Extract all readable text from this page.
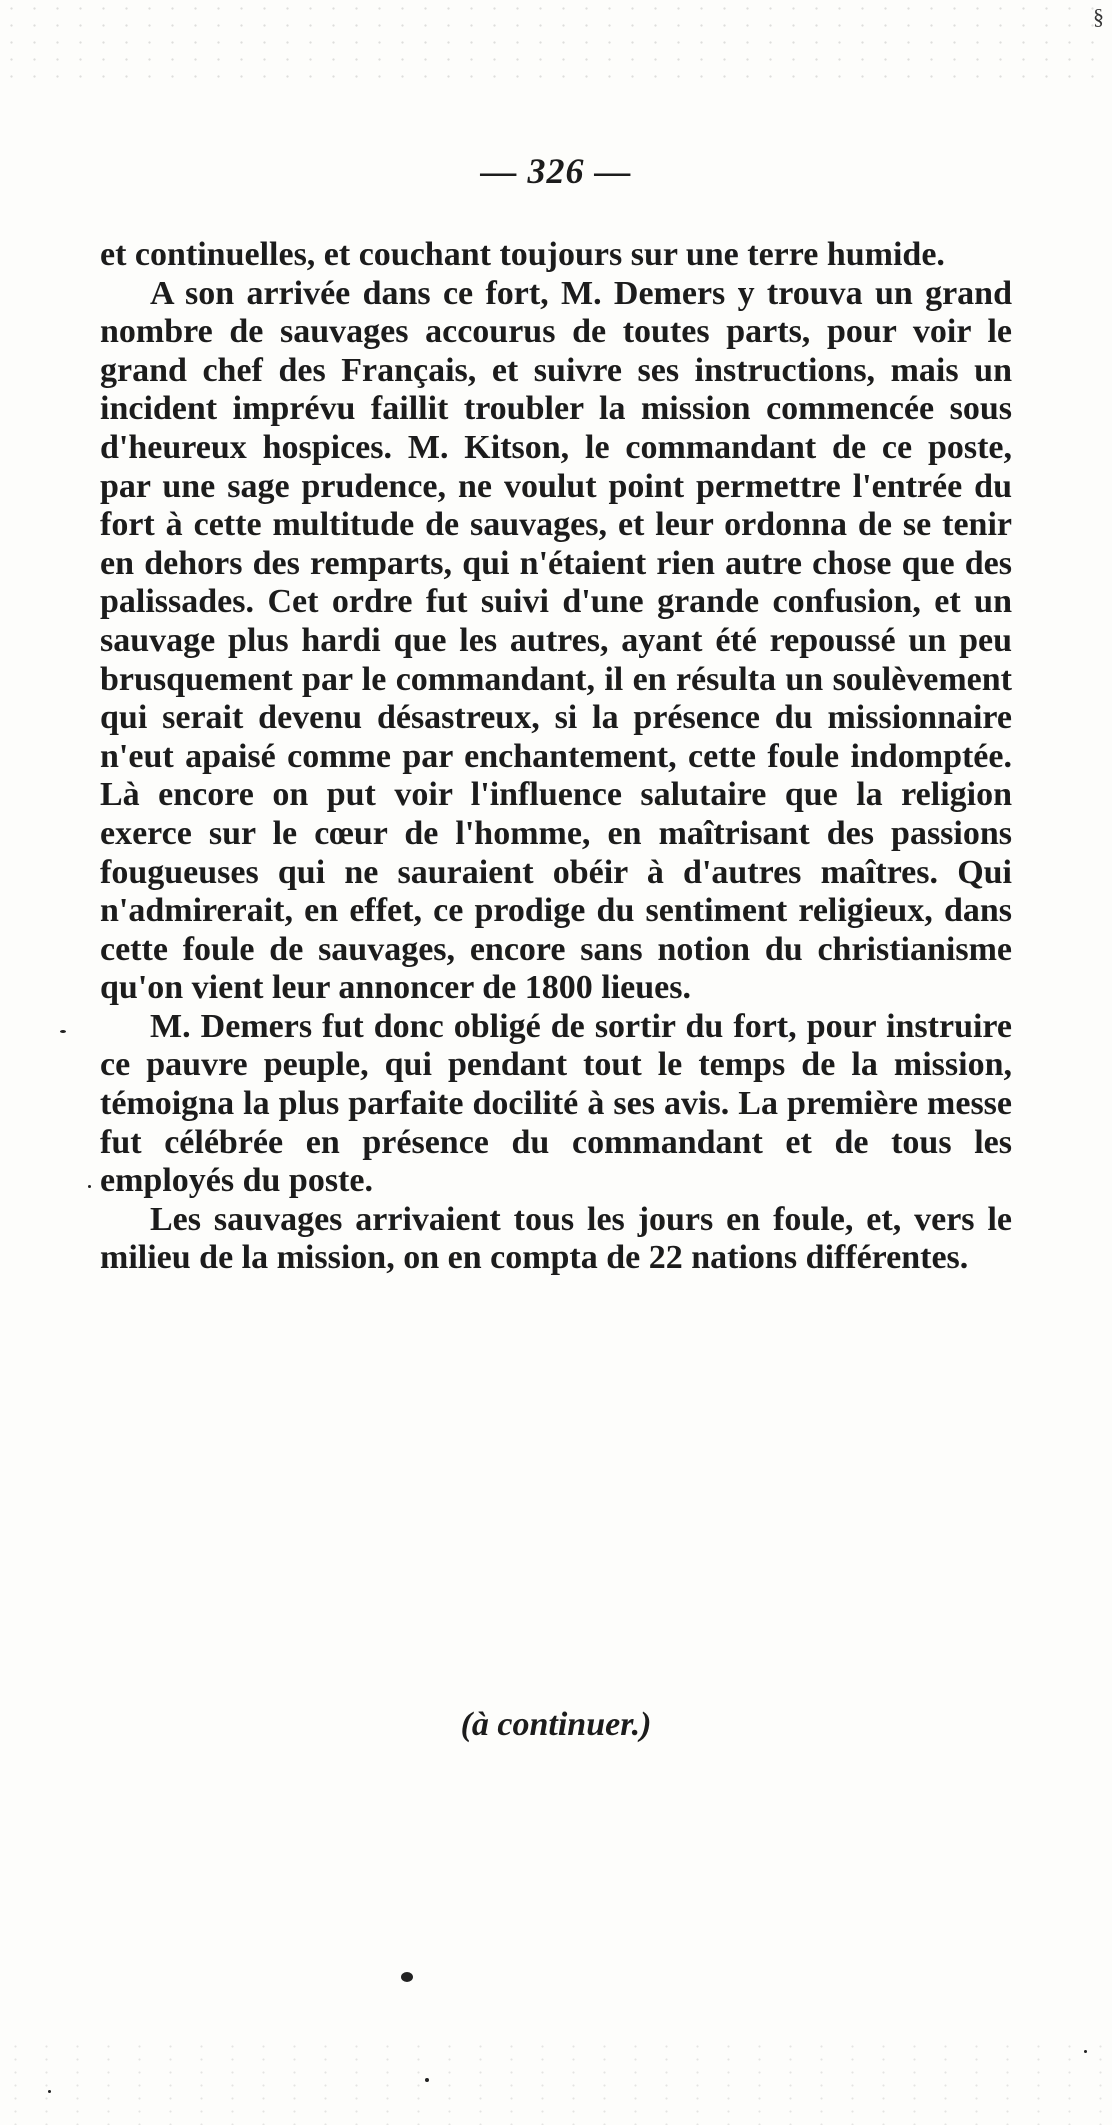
§
— 326 —

et continuelles, et couchant toujours sur une terre humide.

A son arrivée dans ce fort, M. Demers y trouva un grand nombre de sauvages accourus de toutes parts, pour voir le grand chef des Français, et suivre ses instructions, mais un incident imprévu faillit troubler la mission commencée sous d'heureux hospices. M. Kitson, le commandant de ce poste, par une sage prudence, ne voulut point permettre l'entrée du fort à cette multitude de sauvages, et leur ordonna de se tenir en dehors des remparts, qui n'étaient rien autre chose que des palissades. Cet ordre fut suivi d'une grande confusion, et un sauvage plus hardi que les autres, ayant été repoussé un peu brusquement par le commandant, il en résulta un soulèvement qui serait devenu désastreux, si la présence du missionnaire n'eut apaisé comme par enchantement, cette foule indomptée. Là encore on put voir l'influence salutaire que la religion exerce sur le cœur de l'homme, en maîtrisant des passions fougueuses qui ne sauraient obéir à d'autres maîtres. Qui n'admirerait, en effet, ce prodige du sentiment religieux, dans cette foule de sauvages, encore sans notion du christianisme qu'on vient leur annoncer de 1800 lieues.

M. Demers fut donc obligé de sortir du fort, pour instruire ce pauvre peuple, qui pendant tout le temps de la mission, témoigna la plus parfaite docilité à ses avis. La première messe fut célébrée en présence du commandant et de tous les employés du poste.

Les sauvages arrivaient tous les jours en foule, et, vers le milieu de la mission, on en compta de 22 nations différentes.

(à continuer.)
